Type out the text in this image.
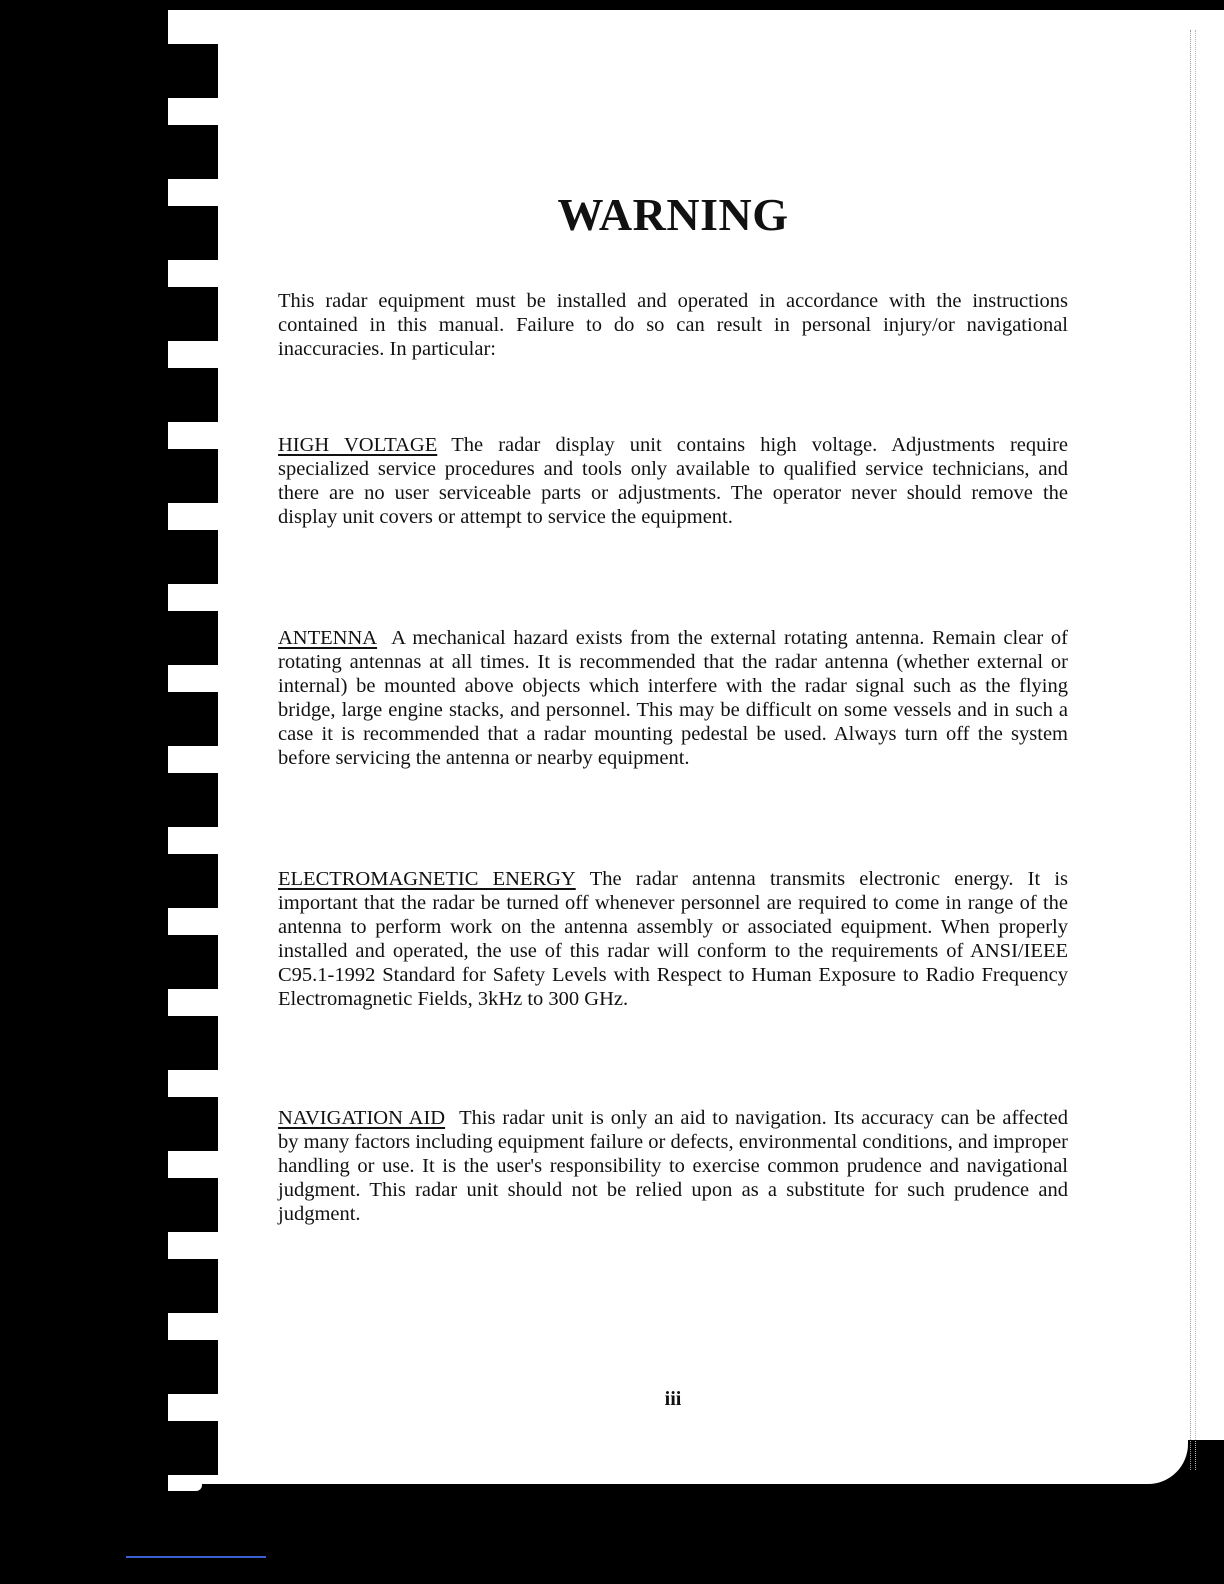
WARNING

This radar equipment must be installed and operated in accordance with the instructions contained in this manual. Failure to do so can result in personal injury/or navigational inaccuracies. In particular:

HIGH VOLTAGE The radar display unit contains high voltage. Adjustments require specialized service procedures and tools only available to qualified service technicians, and there are no user serviceable parts or adjustments. The operator never should remove the display unit covers or attempt to service the equipment.

ANTENNA A mechanical hazard exists from the external rotating antenna. Remain clear of rotating antennas at all times. It is recommended that the radar antenna (whether external or internal) be mounted above objects which interfere with the radar signal such as the flying bridge, large engine stacks, and personnel. This may be difficult on some vessels and in such a case it is recommended that a radar mounting pedestal be used. Always turn off the system before servicing the antenna or nearby equipment.

ELECTROMAGNETIC ENERGY The radar antenna transmits electronic energy. It is important that the radar be turned off whenever personnel are required to come in range of the antenna to perform work on the antenna assembly or associated equipment. When properly installed and operated, the use of this radar will conform to the requirements of ANSI/IEEE C95.1-1992 Standard for Safety Levels with Respect to Human Exposure to Radio Frequency Electromagnetic Fields, 3kHz to 300 GHz.

NAVIGATION AID This radar unit is only an aid to navigation. Its accuracy can be affected by many factors including equipment failure or defects, environmental conditions, and improper handling or use. It is the user's responsibility to exercise common prudence and navigational judgment. This radar unit should not be relied upon as a substitute for such prudence and judgment.

iii
